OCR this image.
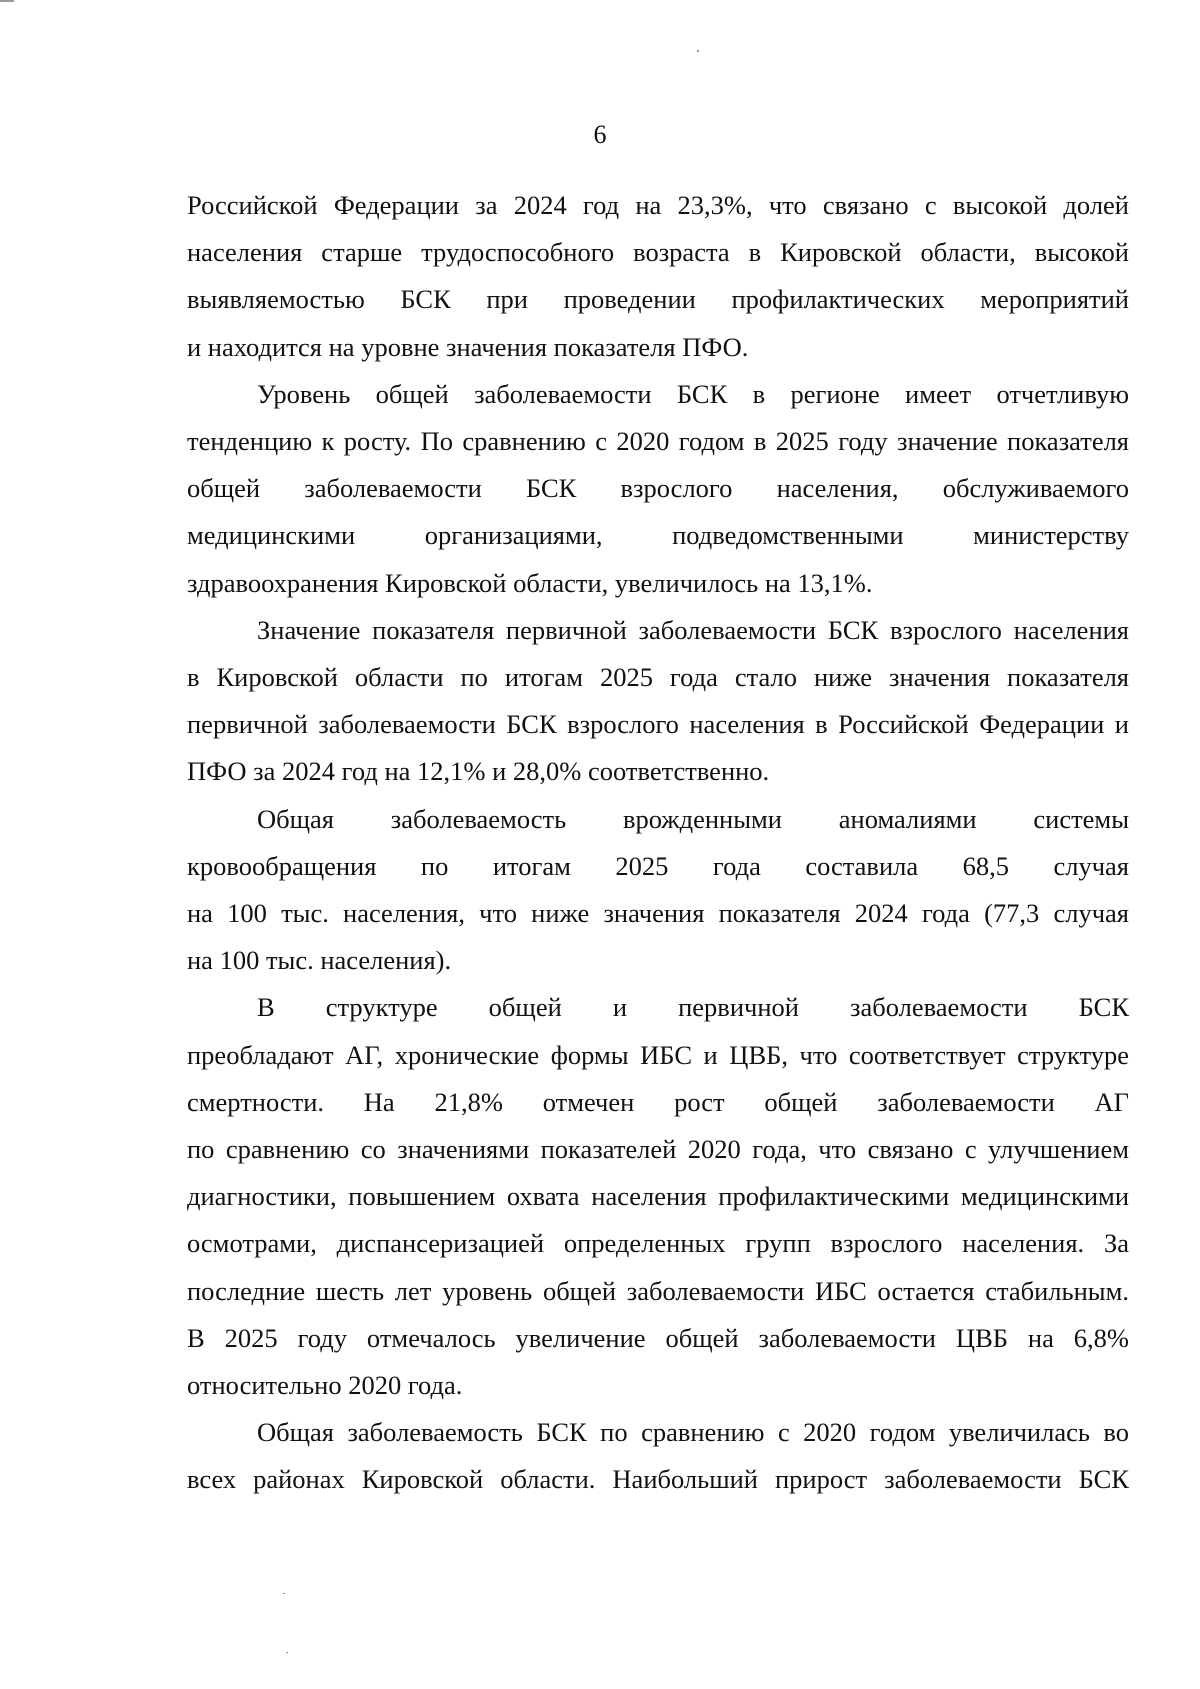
6

Российской Федерации за 2024 год на 23,3%, что связано с высокой долей
населения старше трудоспособного возраста в Кировской области, высокой
выявляемостью БСК при проведении профилактических мероприятий
и находится на уровне значения показателя ПФО.

Уровень общей заболеваемости БСК в регионе имеет отчетливую
тенденцию к росту. По сравнению с 2020 годом в 2025 году значение показателя
общей заболеваемости БСК взрослого населения, обслуживаемого
медицинскими организациями, подведомственными министерству
здравоохранения Кировской области, увеличилось на 13,1%.

Значение показателя первичной заболеваемости БСК взрослого населения
в Кировской области по итогам 2025 года стало ниже значения показателя
первичной заболеваемости БСК взрослого населения в Российской Федерации и
ПФО за 2024 год на 12,1% и 28,0% соответственно.

Общая заболеваемость врожденными аномалиями системы
кровообращения по итогам 2025 года составила 68,5 случая
на 100 тыс. населения, что ниже значения показателя 2024 года (77,3 случая
на 100 тыс. населения).

В структуре общей и первичной заболеваемости БСК
преобладают АГ, хронические формы ИБС и ЦВБ, что соответствует структуре
смертности. На 21,8% отмечен рост общей заболеваемости АГ
по сравнению со значениями показателей 2020 года, что связано с улучшением
диагностики, повышением охвата населения профилактическими медицинскими
осмотрами, диспансеризацией определенных групп взрослого населения. За
последние шесть лет уровень общей заболеваемости ИБС остается стабильным.
В 2025 году отмечалось увеличение общей заболеваемости ЦВБ на 6,8%
относительно 2020 года.

Общая заболеваемость БСК по сравнению с 2020 годом увеличилась во
всех районах Кировской области. Наибольший прирост заболеваемости БСК
